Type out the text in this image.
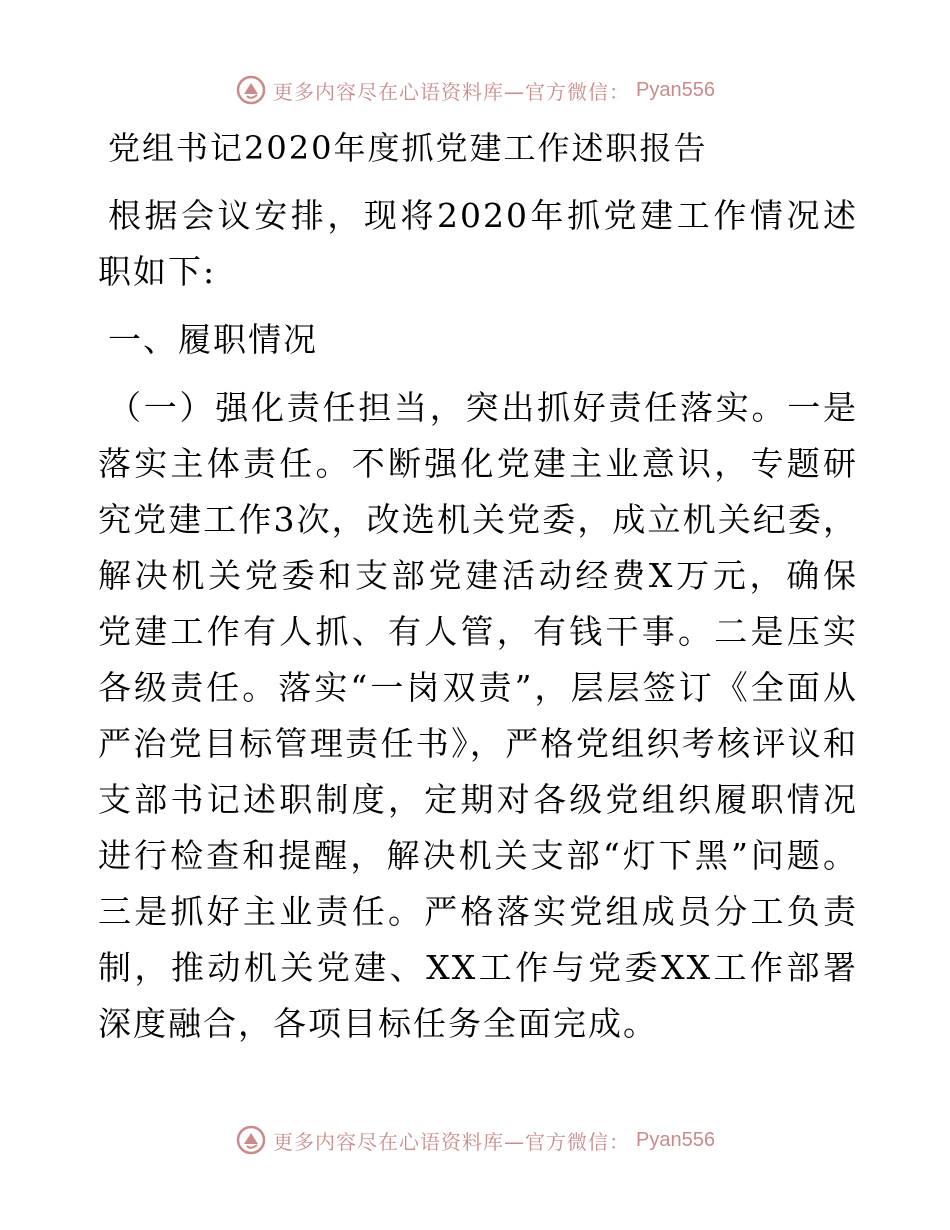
更多内容尽在心语资料库—官方微信： Pyan556
党组书记2020年度抓党建工作述职报告

根据会议安排，现将2020年抓党建工作情况述职如下:

一、履职情况

（一）强化责任担当，突出抓好责任落实。一是落实主体责任。不断强化党建主业意识，专题研究党建工作3次，改选机关党委，成立机关纪委，解决机关党委和支部党建活动经费X万元，确保党建工作有人抓、有人管，有钱干事。二是压实各级责任。落实“一岗双责”，层层签订《全面从严治党目标管理责任书》，严格党组织考核评议和支部书记述职制度，定期对各级党组织履职情况进行检查和提醒，解决机关支部“灯下黑”问题。三是抓好主业责任。严格落实党组成员分工负责制，推动机关党建、XX工作与党委XX工作部署深度融合，各项目标任务全面完成。

更多内容尽在心语资料库—官方微信： Pyan556
